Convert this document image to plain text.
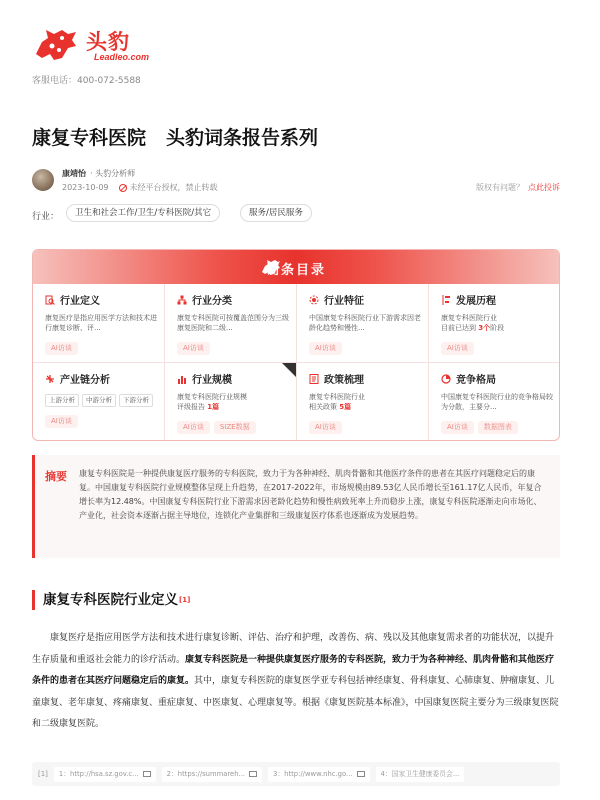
头豹
Leadleo.com
客服电话：400-072-5588
康复专科医院 头豹词条报告系列
康靖怡 · 头豹分析师
2023-10-09	未经平台授权，禁止转载	版权有问题？ 点此投诉
行业：	卫生和社会工作/卫生/专科医院/其它	服务/居民服务
词条目录
行业定义
康复医疗是指应用医学方法和技术进行康复诊断、评...
AI访谈
行业分类
康复专科医院可按覆盖范围分为三级康复医院和二级...
AI访谈
行业特征
中国康复专科医院行业下游需求因老龄化趋势和慢性...
AI访谈
发展历程
康复专科医院行业
目前已达到 3个阶段
AI访谈
产业链分析
上游分析	中游分析	下游分析
AI访谈
行业规模
康复专科医院行业规模
评级报告 1篇
AI访谈	SIZE数据
政策梳理
康复专科医院行业
相关政策 5篇
AI访谈
竞争格局
中国康复专科医院行业的竞争格局较为分散，主要分...
AI访谈	数据图表
摘要 康复专科医院是一种提供康复医疗服务的专科医院，致力于为各种神经、肌肉骨骼和其他医疗条件的患者在其医疗问题稳定后的康复。中国康复专科医院行业规模整体呈现上升趋势，在2017-2022年，市场规模由89.53亿人民币增长至161.17亿人民币，年复合增长率为12.48%。中国康复专科医院行业下游需求因老龄化趋势和慢性病致死率上升而稳步上涨，康复专科医院逐渐走向市场化、产业化，社会资本逐渐占据主导地位，连锁化产业集群和三级康复医疗体系也逐渐成为发展趋势。
康复专科医院行业定义[1]
康复医疗是指应用医学方法和技术进行康复诊断、评估、治疗和护理，改善伤、病、残以及其他康复需求者的功能状况，以提升生存质量和重返社会能力的诊疗活动。康复专科医院是一种提供康复医疗服务的专科医院，致力于为各种神经、肌肉骨骼和其他医疗条件的患者在其医疗问题稳定后的康复。其中，康复专科医院的康复医学亚专科包括神经康复、骨科康复、心肺康复、肿瘤康复、儿童康复、老年康复、疼痛康复、重症康复、中医康复、心理康复等。根据《康复医院基本标准》，中国康复医院主要分为三级康复医院和二级康复医院。
[1] 1：http://hsa.sz.gov.c...	2：https://summareh...	3：http://www.nhc.go...	4：国家卫生健康委员会...
